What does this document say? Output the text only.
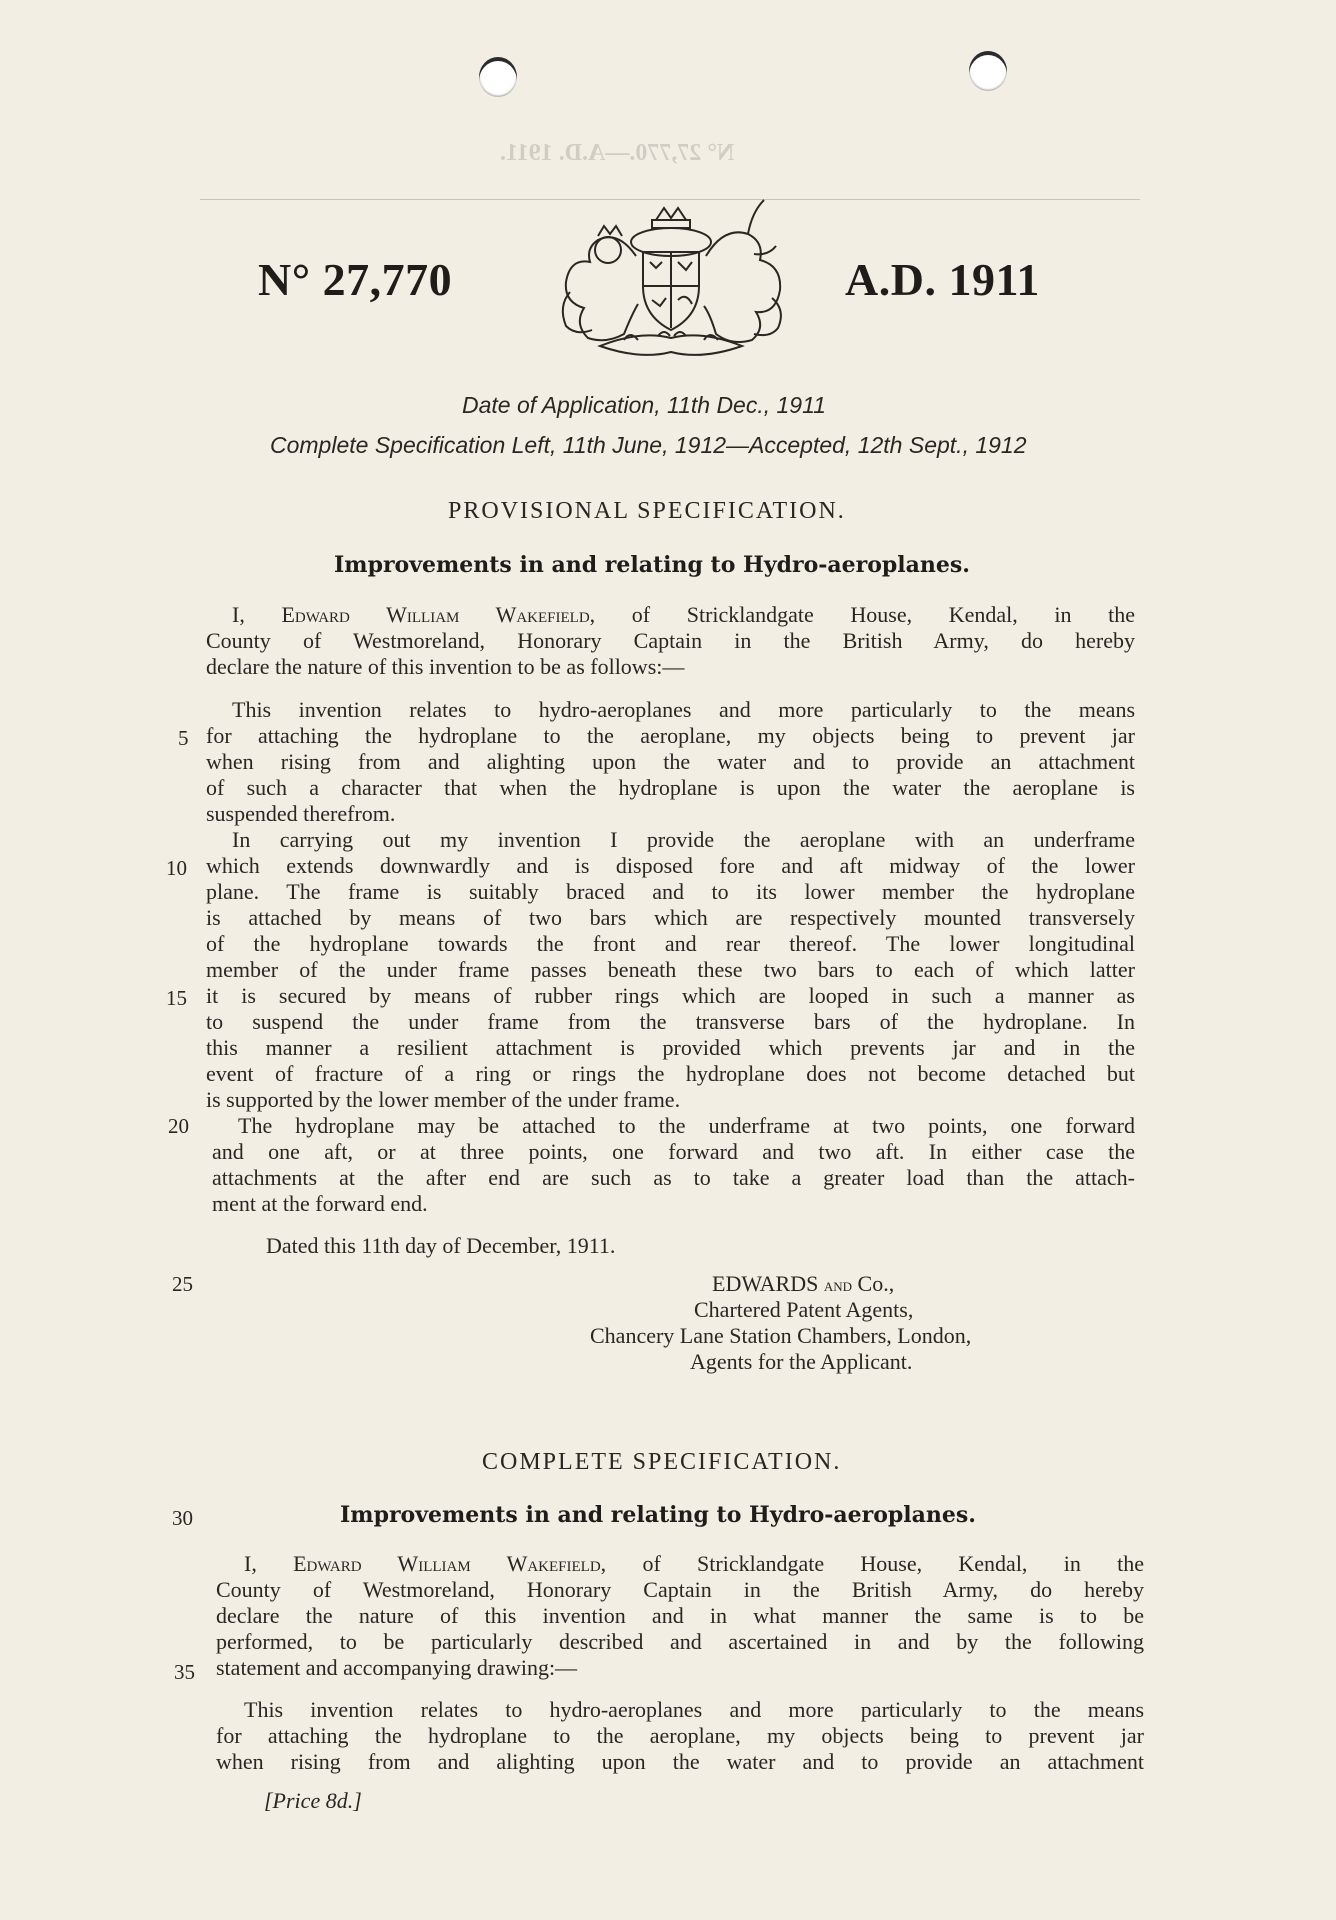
N° 27,770.—A.D. 1911.
N° 27,770	A.D. 1911
Date of Application, 11th Dec., 1911
Complete Specification Left, 11th June, 1912—Accepted, 12th Sept., 1912
PROVISIONAL SPECIFICATION.
Improvements in and relating to Hydro-aeroplanes.
I, Edward William Wakefield, of Stricklandgate House, Kendal, in the
County of Westmoreland, Honorary Captain in the British Army, do hereby
declare the nature of this invention to be as follows:—
This invention relates to hydro-aeroplanes and more particularly to the means
for attaching the hydroplane to the aeroplane, my objects being to prevent jar
when rising from and alighting upon the water and to provide an attachment
of such a character that when the hydroplane is upon the water the aeroplane is
suspended therefrom.
In carrying out my invention I provide the aeroplane with an underframe
which extends downwardly and is disposed fore and aft midway of the lower
plane. The frame is suitably braced and to its lower member the hydroplane
is attached by means of two bars which are respectively mounted transversely
of the hydroplane towards the front and rear thereof. The lower longitudinal
member of the under frame passes beneath these two bars to each of which latter
it is secured by means of rubber rings which are looped in such a manner as
to suspend the under frame from the transverse bars of the hydroplane. In
this manner a resilient attachment is provided which prevents jar and in the
event of fracture of a ring or rings the hydroplane does not become detached but
is supported by the lower member of the under frame.
The hydroplane may be attached to the underframe at two points, one forward
and one aft, or at three points, one forward and two aft. In either case the
attachments at the after end are such as to take a greater load than the attach-
ment at the forward end.
Dated this 11th day of December, 1911.
EDWARDS and Co.,
Chartered Patent Agents,
Chancery Lane Station Chambers, London,
Agents for the Applicant.
COMPLETE SPECIFICATION.
Improvements in and relating to Hydro-aeroplanes.
I, Edward William Wakefield, of Stricklandgate House, Kendal, in the
County of Westmoreland, Honorary Captain in the British Army, do hereby
declare the nature of this invention and in what manner the same is to be
performed, to be particularly described and ascertained in and by the following
statement and accompanying drawing:—
This invention relates to hydro-aeroplanes and more particularly to the means
for attaching the hydroplane to the aeroplane, my objects being to prevent jar
when rising from and alighting upon the water and to provide an attachment
5
10
15
20
25
30
35
[Price 8d.]
